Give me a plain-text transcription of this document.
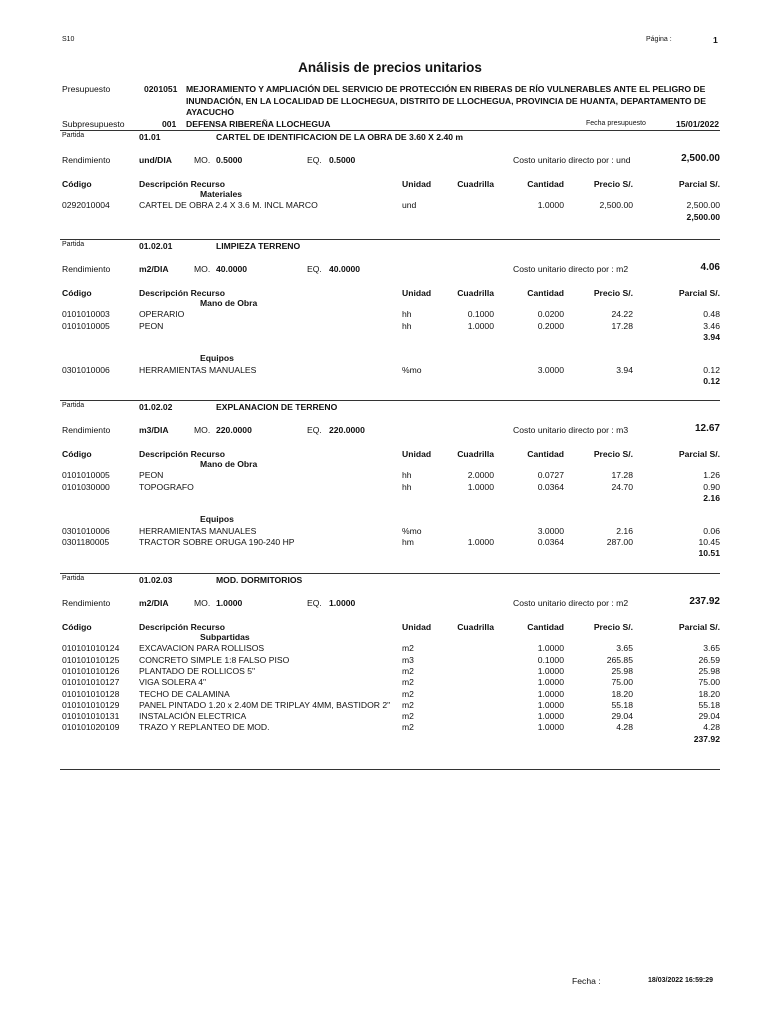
S10	Página :	1
Análisis de precios unitarios
Presupuesto	0201051 MEJORAMIENTO Y AMPLIACIÓN DEL SERVICIO DE PROTECCIÓN EN RIBERAS DE RÍO VULNERABLES ANTE EL PELIGRO DE INUNDACIÓN, EN LA LOCALIDAD DE LLOCHEGUA, DISTRITO DE LLOCHEGUA, PROVINCIA DE HUANTA, DEPARTAMENTO DE AYACUCHO
Subpresupuesto	001 DEFENSA RIBEREÑA LLOCHEGUA	Fecha presupuesto	15/01/2022
Partida	01.01	CARTEL DE IDENTIFICACION DE LA OBRA DE 3.60 X 2.40 m
Rendimiento	und/DIA	MO. 0.5000	EQ. 0.5000	Costo unitario directo por : und	2,500.00
Código	Descripción Recurso	Unidad	Cuadrilla	Cantidad	Precio S/.	Parcial S/.
Materiales
0292010004	CARTEL DE OBRA 2.4 X 3.6 M. INCL MARCO	und	1.0000	2,500.00	2,500.00
2,500.00
Partida	01.02.01	LIMPIEZA TERRENO
Rendimiento	m2/DIA	MO. 40.0000	EQ. 40.0000	Costo unitario directo por : m2	4.06
Código	Descripción Recurso	Unidad	Cuadrilla	Cantidad	Precio S/.	Parcial S/.
Mano de Obra
0101010003	OPERARIO	hh	0.1000	0.0200	24.22	0.48
0101010005	PEON	hh	1.0000	0.2000	17.28	3.46
3.94
Equipos
0301010006	HERRAMIENTAS MANUALES	%mo	3.0000	3.94	0.12
0.12
Partida	01.02.02	EXPLANACION DE TERRENO
Rendimiento	m3/DIA	MO. 220.0000	EQ. 220.0000	Costo unitario directo por : m3	12.67
Código	Descripción Recurso	Unidad	Cuadrilla	Cantidad	Precio S/.	Parcial S/.
Mano de Obra
0101010005	PEON	hh	2.0000	0.0727	17.28	1.26
0101030000	TOPOGRAFO	hh	1.0000	0.0364	24.70	0.90
2.16
Equipos
0301010006	HERRAMIENTAS MANUALES	%mo	3.0000	2.16	0.06
0301180005	TRACTOR SOBRE ORUGA 190-240 HP	hm	1.0000	0.0364	287.00	10.45
10.51
Partida	01.02.03	MOD. DORMITORIOS
Rendimiento	m2/DIA	MO. 1.0000	EQ. 1.0000	Costo unitario directo por : m2	237.92
Código	Descripción Recurso	Unidad	Cuadrilla	Cantidad	Precio S/.	Parcial S/.
Subpartidas
010101010124 EXCAVACION PARA ROLLISOS	m2	1.0000	3.65	3.65
010101010125 CONCRETO SIMPLE 1:8 FALSO PISO	m3	0.1000	265.85	26.59
010101010126 PLANTADO DE ROLLICOS 5"	m2	1.0000	25.98	25.98
010101010127 VIGA SOLERA 4"	m2	1.0000	75.00	75.00
010101010128 TECHO DE CALAMINA	m2	1.0000	18.20	18.20
010101010129 PANEL PINTADO 1.20 x 2.40M DE TRIPLAY 4MM, BASTIDOR 2" m2	1.0000	55.18	55.18
010101010131 INSTALACIÓN ELECTRICA	m2	1.0000	29.04	29.04
010101020109 TRAZO Y REPLANTEO DE MOD.	m2	1.0000	4.28	4.28
237.92
Fecha :	18/03/2022 16:59:29
